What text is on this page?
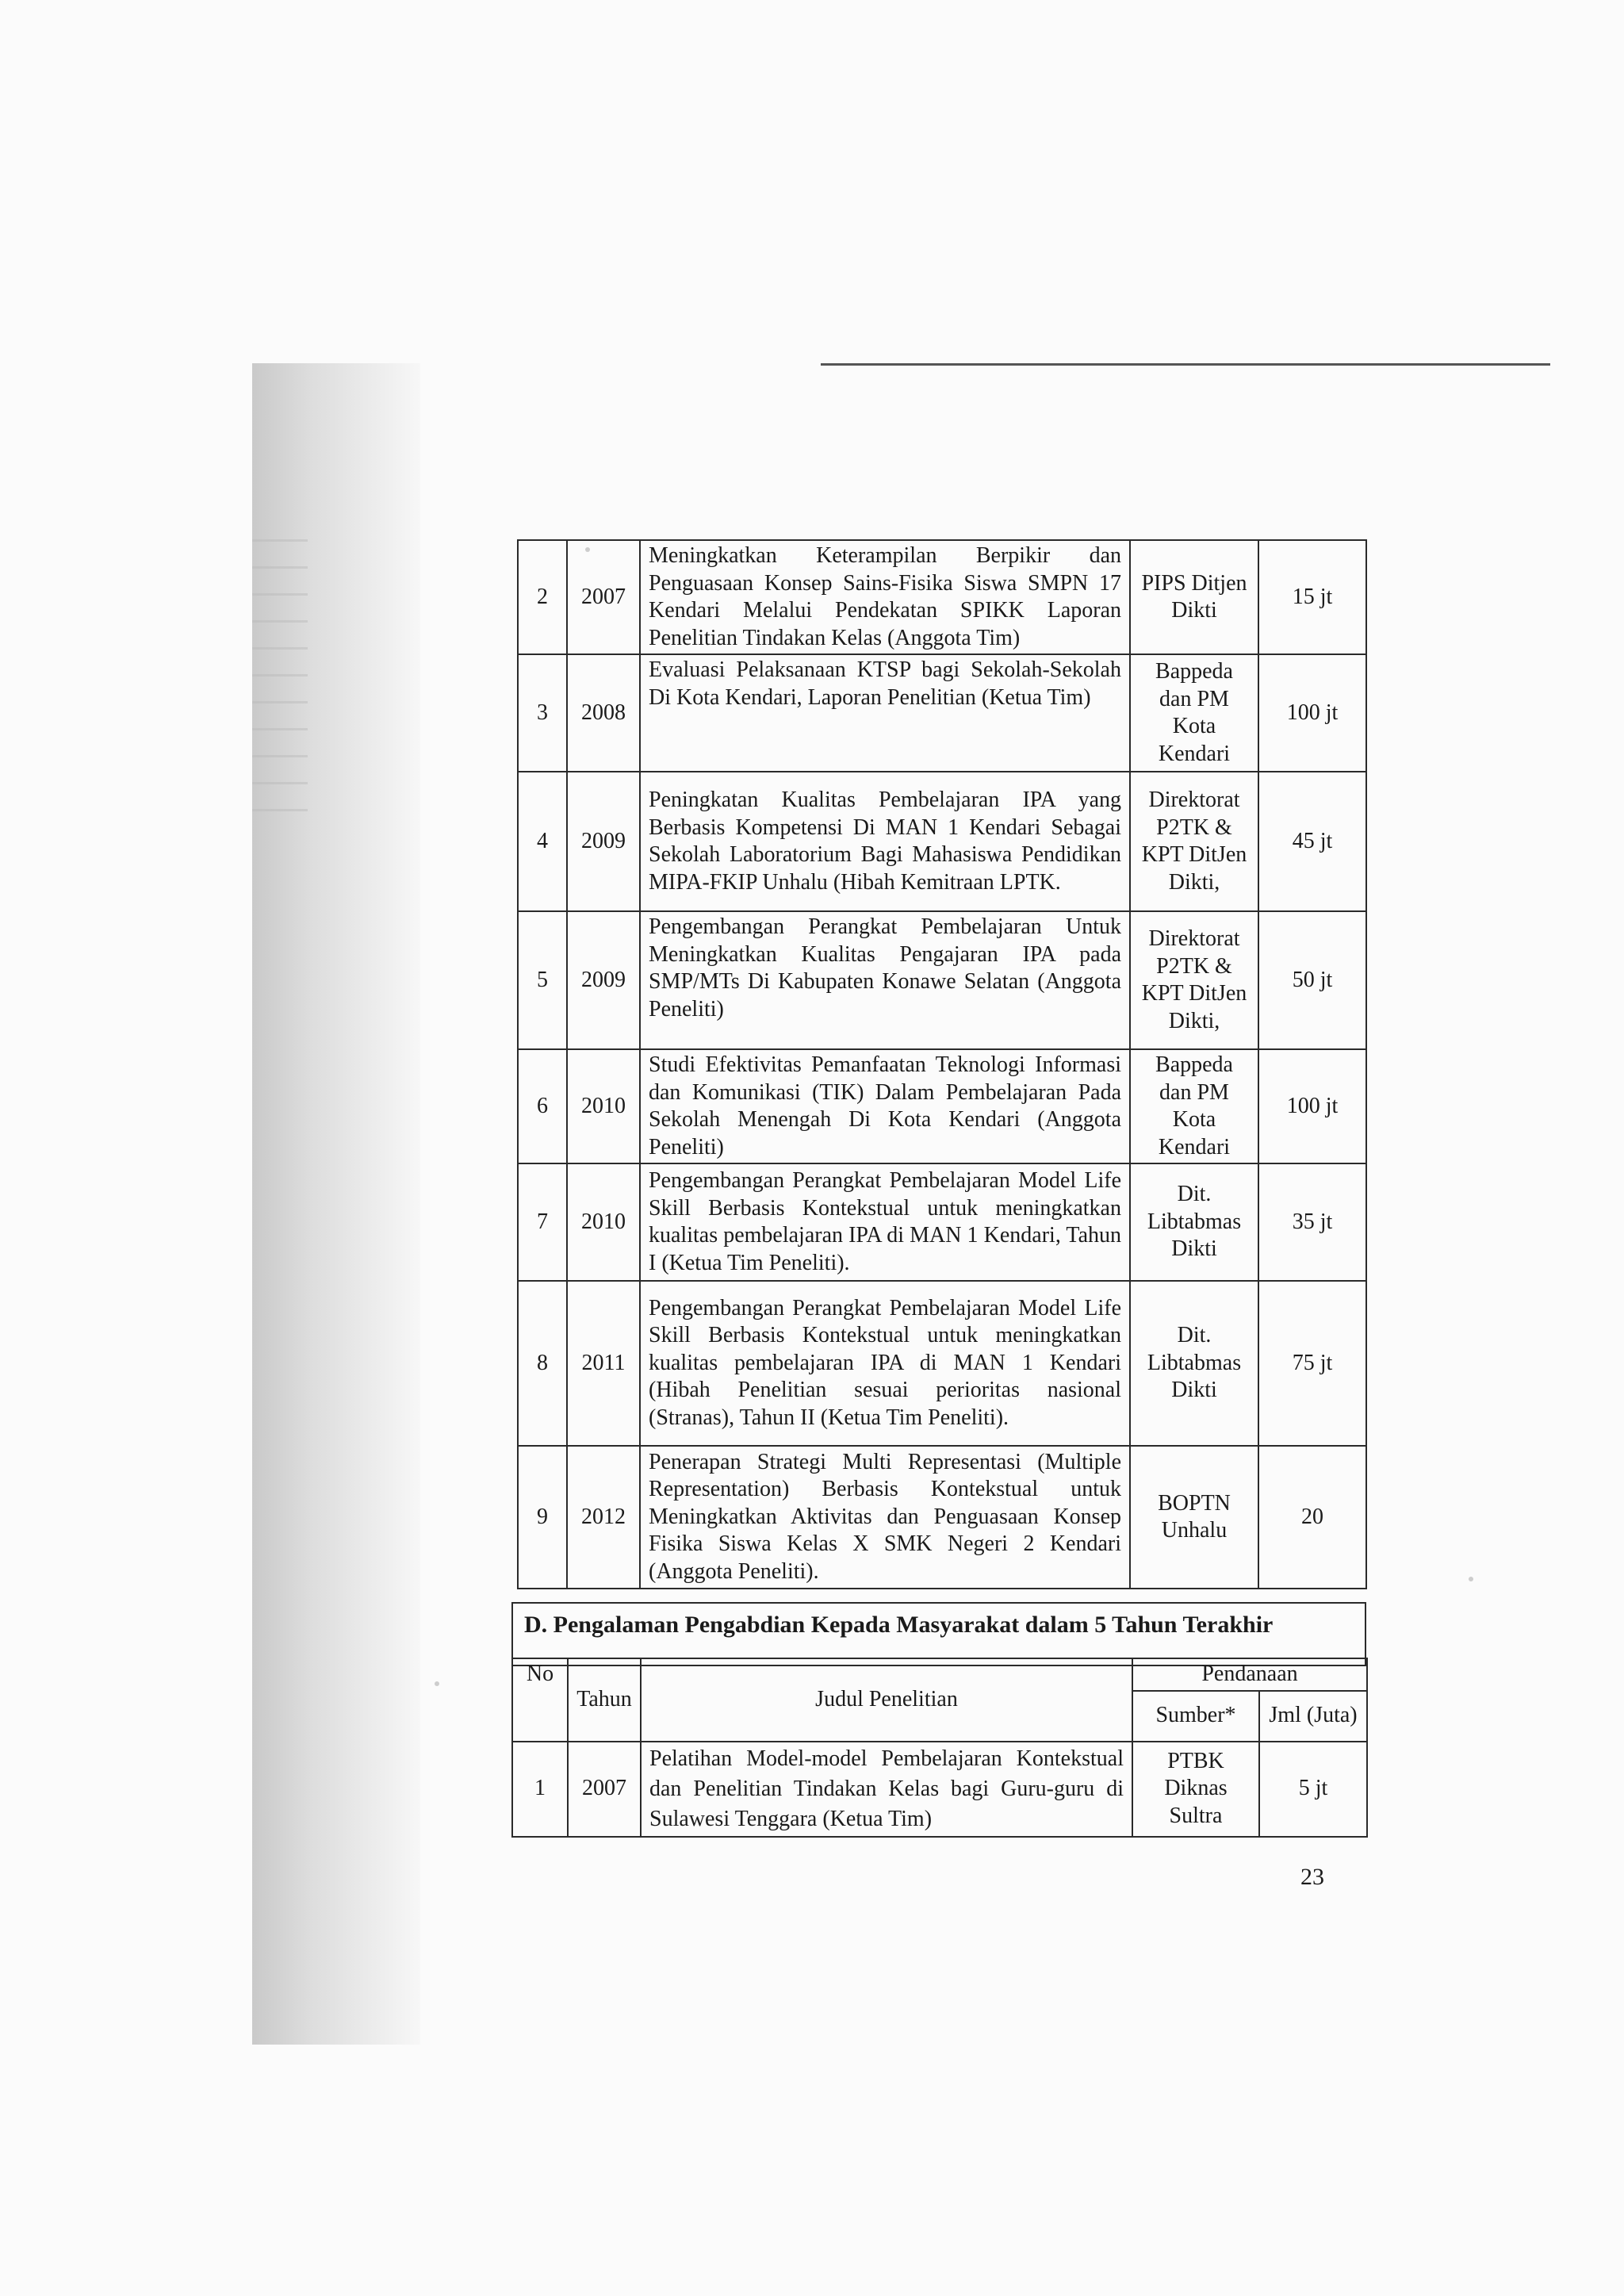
2	2007	Meningkatkan Keterampilan Berpikir dan Penguasaan Konsep Sains-Fisika Siswa SMPN 17 Kendari Melalui Pendekatan SPIKK Laporan Penelitian Tindakan Kelas (Anggota Tim)	PIPS Ditjen Dikti	15 jt
3	2008	Evaluasi Pelaksanaan KTSP bagi Sekolah-Sekolah Di Kota Kendari, Laporan Penelitian (Ketua Tim)	Bappeda dan PM Kota Kendari	100 jt
4	2009	Peningkatan Kualitas Pembelajaran IPA yang Berbasis Kompetensi Di MAN 1 Kendari Sebagai Sekolah Laboratorium Bagi Mahasiswa Pendidikan MIPA-FKIP Unhalu (Hibah Kemitraan LPTK.	Direktorat P2TK & KPT DitJen Dikti,	45 jt
5	2009	Pengembangan Perangkat Pembelajaran Untuk Meningkatkan Kualitas Pengajaran IPA pada SMP/MTs Di Kabupaten Konawe Selatan (Anggota Peneliti)	Direktorat P2TK & KPT DitJen Dikti,	50 jt
6	2010	Studi Efektivitas Pemanfaatan Teknologi Informasi dan Komunikasi (TIK) Dalam Pembelajaran Pada Sekolah Menengah Di Kota Kendari (Anggota Peneliti)	Bappeda dan PM Kota Kendari	100 jt
7	2010	Pengembangan Perangkat Pembelajaran Model Life Skill Berbasis Kontekstual untuk meningkatkan kualitas pembelajaran IPA di MAN 1 Kendari, Tahun I (Ketua Tim Peneliti).	Dit. Libtabmas Dikti	35 jt
8	2011	Pengembangan Perangkat Pembelajaran Model Life Skill Berbasis Kontekstual untuk meningkatkan kualitas pembelajaran IPA di MAN 1 Kendari (Hibah Penelitian sesuai perioritas nasional (Stranas), Tahun II (Ketua Tim Peneliti).	Dit. Libtabmas Dikti	75 jt
9	2012	Penerapan Strategi Multi Representasi (Multiple Representation) Berbasis Kontekstual untuk Meningkatkan Aktivitas dan Penguasaan Konsep Fisika Siswa Kelas X SMK Negeri 2 Kendari (Anggota Peneliti).	BOPTN Unhalu	20
D. Pengalaman Pengabdian Kepada Masyarakat dalam 5 Tahun Terakhir
No	Tahun	Judul Penelitian	Pendanaan	
			Sumber*	Jml (Juta)
1	2007	Pelatihan Model-model Pembelajaran Kontekstual dan Penelitian Tindakan Kelas bagi Guru-guru di Sulawesi Tenggara (Ketua Tim)	PTBK Diknas Sultra	5 jt
23
